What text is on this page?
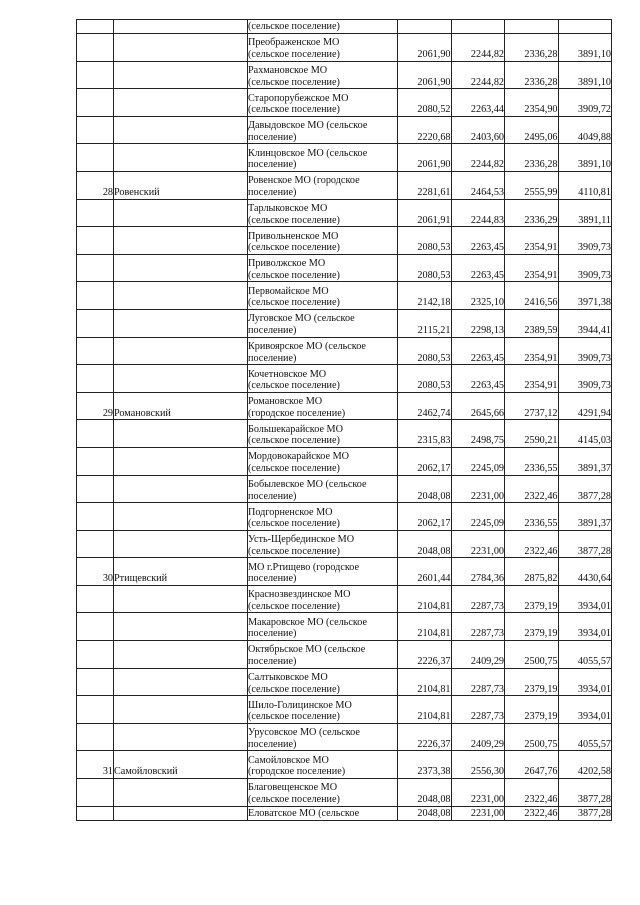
		(сельское поселение)				

		Преображенское МО
(сельское поселение)	2061,90	2244,82	2336,28	3891,10

		Рахмановское МО
(сельское поселение)	2061,90	2244,82	2336,28	3891,10

		Старопорубежское МО
(сельское поселение)	2080,52	2263,44	2354,90	3909,72

		Давыдовское МО (сельское
поселение)	2220,68	2403,60	2495,06	4049,88

		Клинцовское МО (сельское
поселение)	2061,90	2244,82	2336,28	3891,10
28	Ровенский	Ровенское МО (городское
поселение)	2281,61	2464,53	2555,99	4110,81

		Тарлыковское МО
(сельское поселение)	2061,91	2244,83	2336,29	3891,11

		Привольненское МО
(сельское поселение)	2080,53	2263,45	2354,91	3909,73

		Приволжское МО
(сельское поселение)	2080,53	2263,45	2354,91	3909,73

		Первомайское МО
(сельское поселение)	2142,18	2325,10	2416,56	3971,38

		Луговское МО (сельское
поселение)	2115,21	2298,13	2389,59	3944,41

		Кривоярское МО (сельское
поселение)	2080,53	2263,45	2354,91	3909,73

		Кочетновское МО
(сельское поселение)	2080,53	2263,45	2354,91	3909,73
29	Романовский	Романовское МО
(городское поселение)	2462,74	2645,66	2737,12	4291,94

		Большекарайское МО
(сельское поселение)	2315,83	2498,75	2590,21	4145,03

		Мордовокарайское МО
(сельское поселение)	2062,17	2245,09	2336,55	3891,37

		Бобылевское МО (сельское
поселение)	2048,08	2231,00	2322,46	3877,28

		Подгорненское МО
(сельское поселение)	2062,17	2245,09	2336,55	3891,37

		Усть-Щербединское МО
(сельское поселение)	2048,08	2231,00	2322,46	3877,28
30	Ртищевский	МО г.Ртищево (городское
поселение)	2601,44	2784,36	2875,82	4430,64

		Краснозвездинское МО
(сельское поселение)	2104,81	2287,73	2379,19	3934,01

		Макаровское МО (сельское
поселение)	2104,81	2287,73	2379,19	3934,01

		Октябрьское МО (сельское
поселение)	2226,37	2409,29	2500,75	4055,57

		Салтыковское МО
(сельское поселение)	2104,81	2287,73	2379,19	3934,01

		Шило-Голицинское МО
(сельское поселение)	2104,81	2287,73	2379,19	3934,01

		Урусовское МО (сельское
поселение)	2226,37	2409,29	2500,75	4055,57
31	Самойловский	Самойловское МО
(городское поселение)	2373,38	2556,30	2647,76	4202,58

		Благовещенское МО
(сельское поселение)	2048,08	2231,00	2322,46	3877,28

		Еловатское МО (сельское	2048,08	2231,00	2322,46	3877,28
